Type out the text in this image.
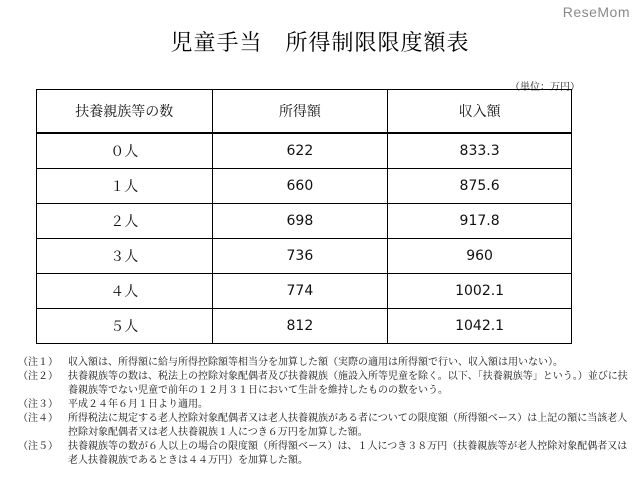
ReseMom
児童手当　所得制限限度額表
（単位：万円）
扶養親族等の数	所得額	収入額
０人	622	833.3
１人	660	875.6
２人	698	917.8
３人	736	960
４人	774	1002.1
５人	812	1042.1
（注１）	収入額は、所得額に給与所得控除額等相当分を加算した額（実際の適用は所得額で行い、収入額は用いない）。
（注２）	扶養親族等の数は、税法上の控除対象配偶者及び扶養親族（施設入所等児童を除く。以下、「扶養親族等」という。）並びに扶養親族等でない児童で前年の１２月３１日において生計を維持したものの数をいう。
（注３）	平成２４年６月１日より適用。
（注４）	所得税法に規定する老人控除対象配偶者又は老人扶養親族がある者についての限度額（所得額ベース）は上記の額に当該老人控除対象配偶者又は老人扶養親族１人につき６万円を加算した額。
（注５）	扶養親族等の数が６人以上の場合の限度額（所得額ベース）は、１人につき３８万円（扶養親族等が老人控除対象配偶者又は老人扶養親族であるときは４４万円）を加算した額。
